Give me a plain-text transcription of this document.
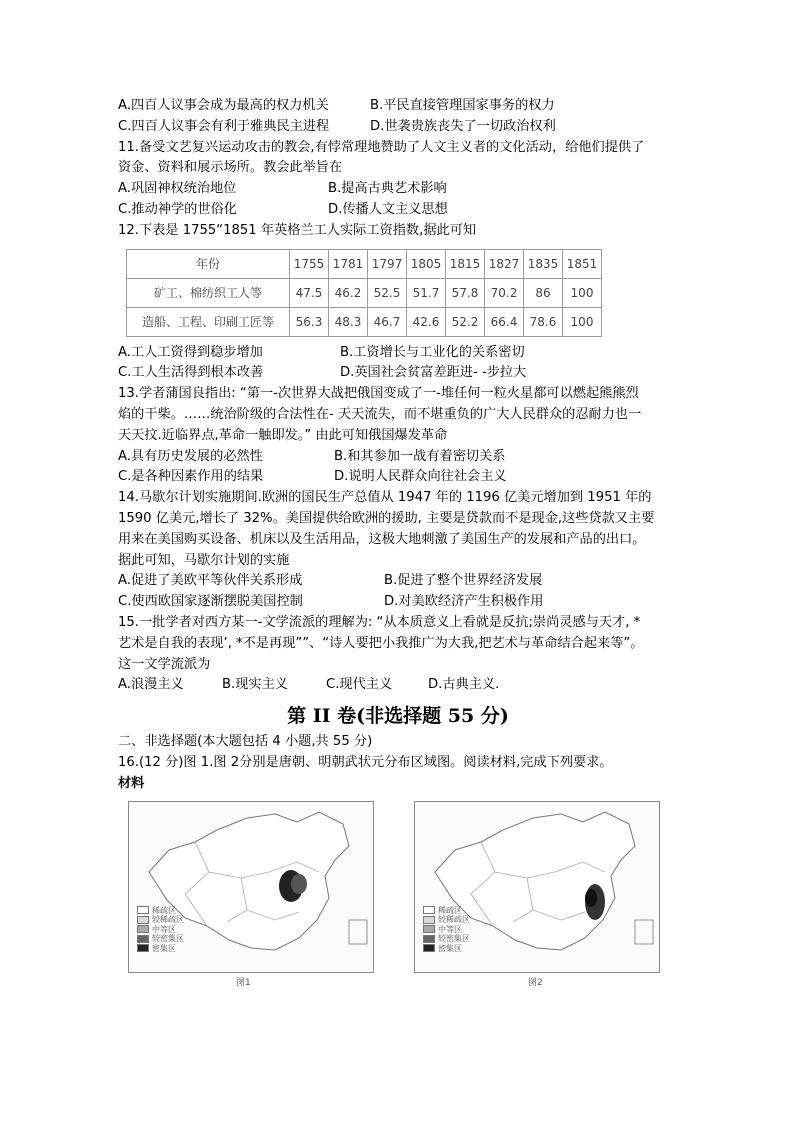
A.四百人议事会成为最高的权力机关	B.平民直接管理国家事务的权力
C.四百人议事会有利于雅典民主进程	D.世袭贵族丧失了一切政治权利
11.备受文艺复兴运动攻击的教会,有悖常理地赞助了人文主义者的文化活动，给他们提供了
资金、资料和展示场所。教会此举旨在
A.巩固神权统治地位	B.提高古典艺术影响
C.推动神学的世俗化	D.传播人文主义思想
12.下表是 1755“1851 年英格兰工人实际工资指数,据此可知
年份	1755	1781	1797	1805	1815	1827	1835	1851
矿工、棉纺织工人等	47.5	46.2	52.5	51.7	57.8	70.2	86	100
造船、工程、印刷工匠等	56.3	48.3	46.7	42.6	52.2	66.4	78.6	100
A.工人工资得到稳步增加	B.工资增长与工业化的关系密切
C.工人生活得到根本改善	D.英国社会贫富差距进- -步拉大
13.学者蒲国良指出: “第一-次世界大战把俄国变成了一-堆任何一粒火星都可以燃起熊熊烈
焰的干柴。……统治阶级的合法性在- 天天流失，而不堪重负的广大人民群众的忍耐力也一
天天抆.近临界点,革命一触即发。” 由此可知俄国爆发革命
A.具有历史发展的必然性	B.和其参加一战有着密切关系
C.是各种因素作用的结果	D.说明人民群众向往社会主义
14.马歇尔计划实施期间.欧洲的国民生产总值从 1947 年的 1196 亿美元增加到 1951 年的
1590 亿美元,增长了 32%。美国提供给欧洲的援助, 主要是贷款而不是现金,这些贷款又主要
用来在美国购买设备、机床以及生活用品，这极大地刺激了美国生产的发展和产品的出口。
据此可知，马歇尔计划的实施
A.促进了美欧平等伙伴关系形成	B.促进了整个世界经济发展
C.使西欧国家逐渐摆脱美国控制	D.对美欧经济产生积极作用
15.一批学者对西方某一-文学流派的理解为: “从本质意义上看就是反抗;崇尚灵感与天才, *
艺术是自我的表现’, *不是再现””、“诗人要把小我推广为大我,把艺术与革命结合起来等”。
这一文学流派为
A.浪漫主义	B.现实主义	C.现代主义	D.古典主义.
第 II 卷(非选择题 55 分)
二、非选择题(本大题包括 4 小题,共 55 分)
16.(12 分)图 1.图 2分别是唐朝、明朝武状元分布区域图。阅读材料,完成下列要求。
材料
稀疏区
较稀疏区
中等区
较密集区
密集区
图1
稀疏区
较稀疏区
中等区
较密集区
密集区
图2
